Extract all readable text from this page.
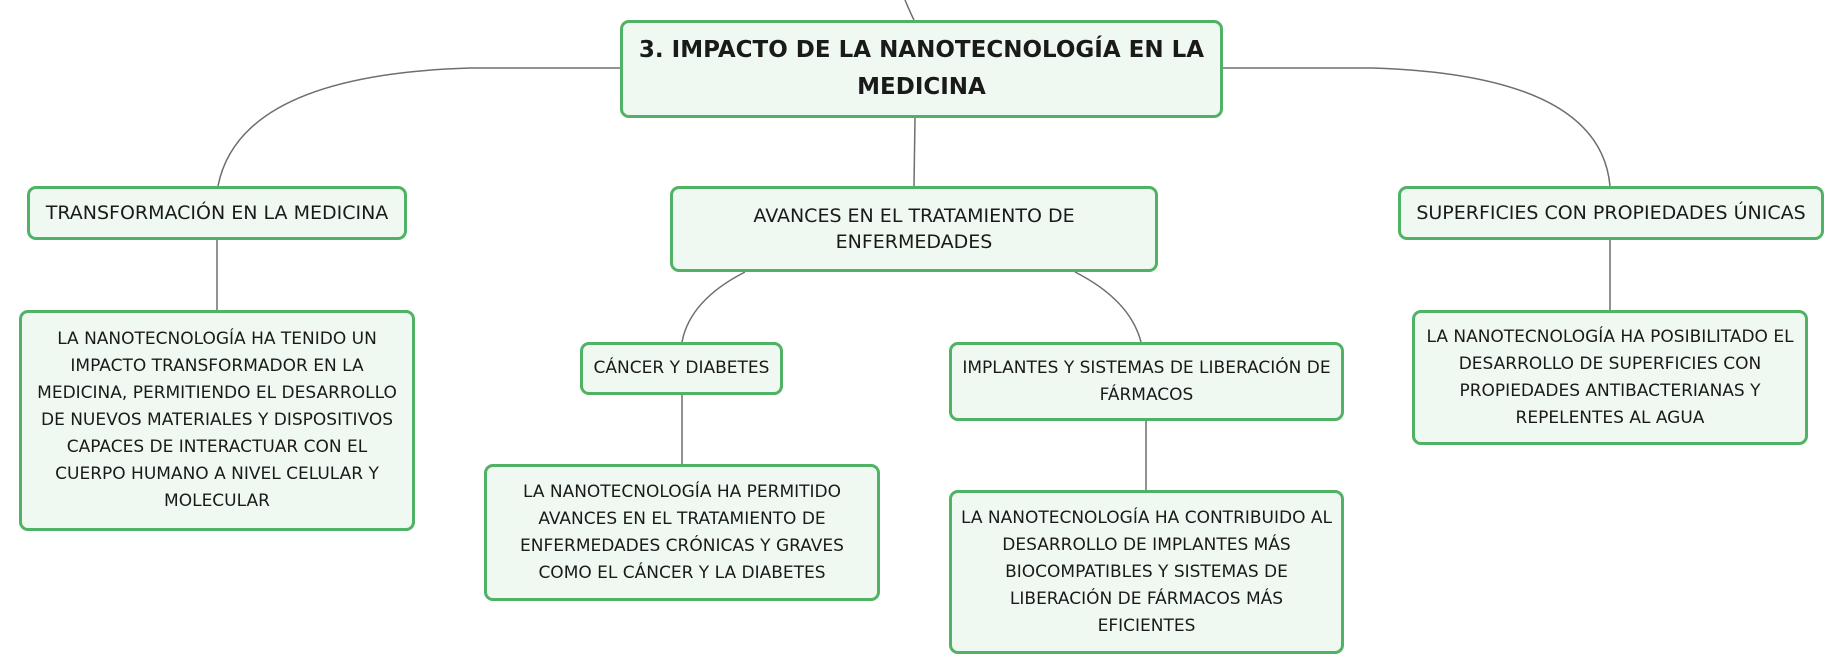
3. IMPACTO DE LA NANOTECNOLOGÍA EN LA MEDICINA
TRANSFORMACIÓN EN LA MEDICINA
LA NANOTECNOLOGÍA HA TENIDO UN IMPACTO TRANSFORMADOR EN LA MEDICINA, PERMITIENDO EL DESARROLLO DE NUEVOS MATERIALES Y DISPOSITIVOS CAPACES DE INTERACTUAR CON EL CUERPO HUMANO A NIVEL CELULAR Y MOLECULAR
AVANCES EN EL TRATAMIENTO DE ENFERMEDADES
CÁNCER Y DIABETES
LA NANOTECNOLOGÍA HA PERMITIDO AVANCES EN EL TRATAMIENTO DE ENFERMEDADES CRÓNICAS Y GRAVES COMO EL CÁNCER Y LA DIABETES
IMPLANTES Y SISTEMAS DE LIBERACIÓN DE FÁRMACOS
LA NANOTECNOLOGÍA HA CONTRIBUIDO AL DESARROLLO DE IMPLANTES MÁS BIOCOMPATIBLES Y SISTEMAS DE LIBERACIÓN DE FÁRMACOS MÁS EFICIENTES
SUPERFICIES CON PROPIEDADES ÚNICAS
LA NANOTECNOLOGÍA HA POSIBILITADO EL DESARROLLO DE SUPERFICIES CON PROPIEDADES ANTIBACTERIANAS Y REPELENTES AL AGUA
